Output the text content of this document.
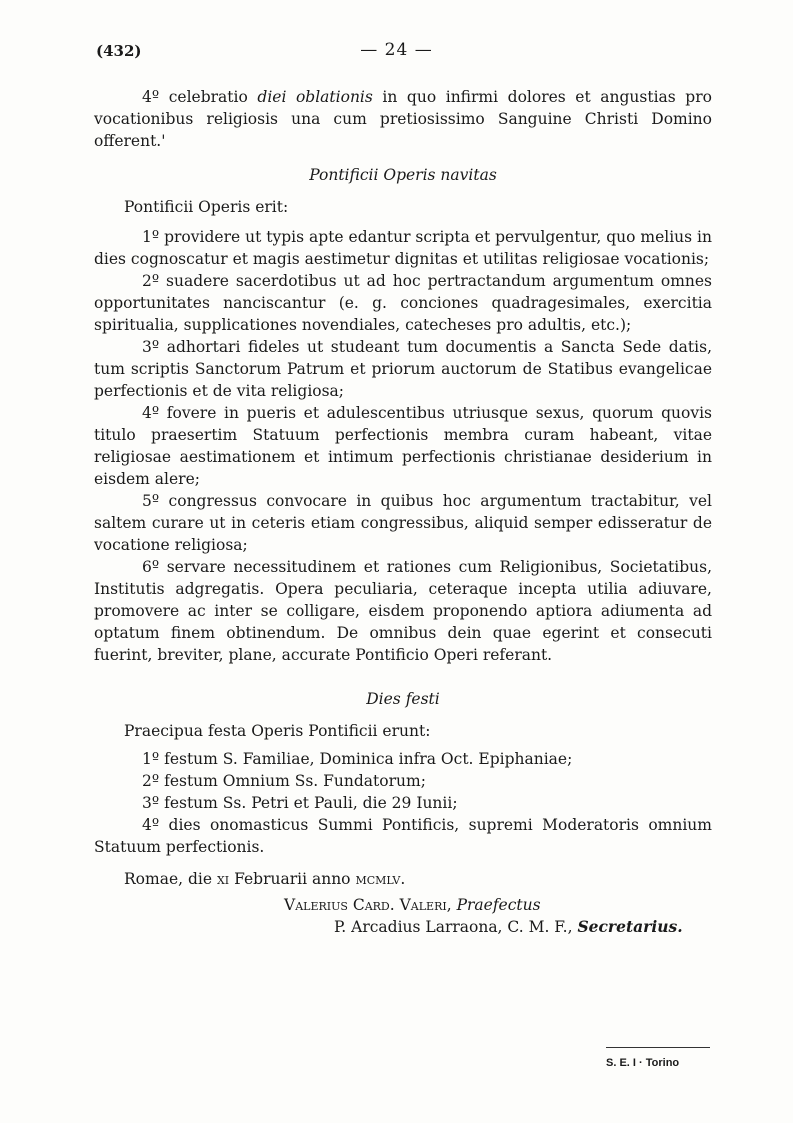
(432)	— 24 —

4º celebratio diei oblationis in quo infirmi dolores et angustias pro vocationibus religiosis una cum pretiosissimo Sanguine Christi Domino offerent.'

Pontificii Operis navitas

Pontificii Operis erit:

1º providere ut typis apte edantur scripta et pervulgentur, quo melius in dies cognoscatur et magis aestimetur dignitas et utilitas religiosae vocationis;

2º suadere sacerdotibus ut ad hoc pertractandum argumentum omnes opportunitates nanciscantur (e. g. conciones quadragesimales, exercitia spiritualia, supplicationes novendiales, catecheses pro adultis, etc.);

3º adhortari fideles ut studeant tum documentis a Sancta Sede datis, tum scriptis Sanctorum Patrum et priorum auctorum de Statibus evangelicae perfectionis et de vita religiosa;

4º fovere in pueris et adulescentibus utriusque sexus, quorum quovis titulo praesertim Statuum perfectionis membra curam habeant, vitae religiosae aestimationem et intimum perfectionis christianae desiderium in eisdem alere;

5º congressus convocare in quibus hoc argumentum tractabitur, vel saltem curare ut in ceteris etiam congressibus, aliquid semper edisseratur de vocatione religiosa;

6º servare necessitudinem et rationes cum Religionibus, Societatibus, Institutis adgregatis. Opera peculiaria, ceteraque incepta utilia adiuvare, promovere ac inter se colligare, eisdem proponendo aptiora adiumenta ad optatum finem obtinendum. De omnibus dein quae egerint et consecuti fuerint, breviter, plane, accurate Pontificio Operi referant.

Dies festi

Praecipua festa Operis Pontificii erunt:

1º festum S. Familiae, Dominica infra Oct. Epiphaniae;

2º festum Omnium Ss. Fundatorum;

3º festum Ss. Petri et Pauli, die 29 Iunii;

4º dies onomasticus Summi Pontificis, supremi Moderatoris omnium Statuum perfectionis.

Romae, die xi Februarii anno mcmlv.

Valerius Card. Valeri, Praefectus

P. Arcadius Larraona, C. M. F., Secretarius.

S. E. I · Torino
